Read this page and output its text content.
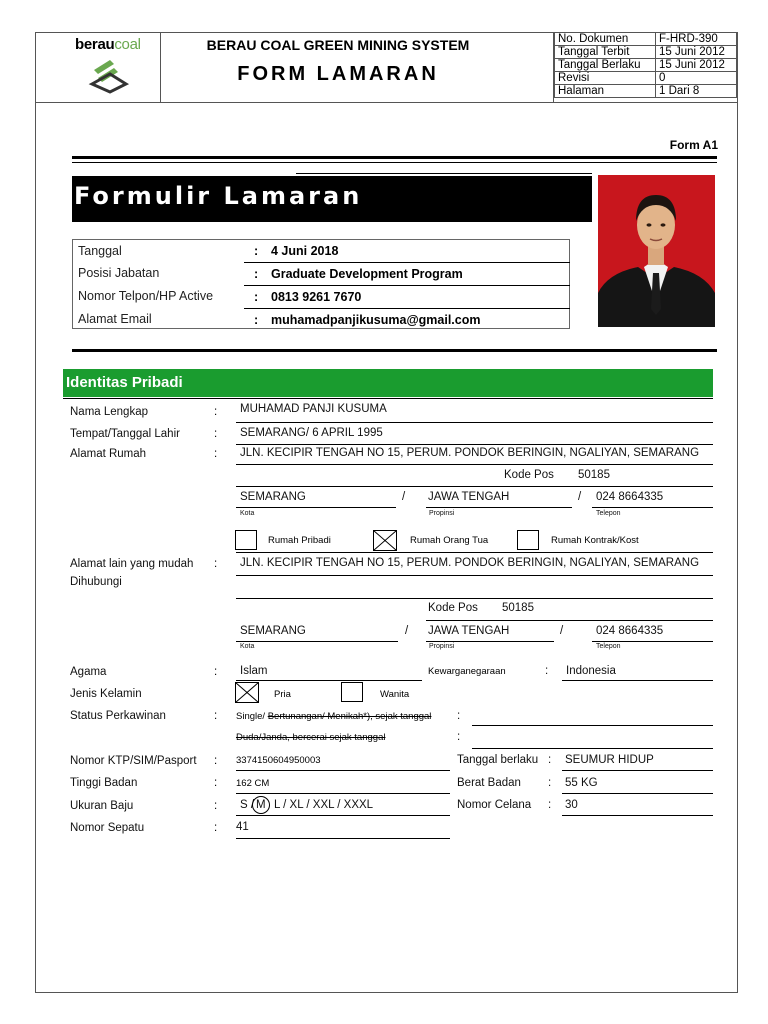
beraucoal	BERAU COAL GREEN MINING SYSTEM
FORM LAMARAN
No. Dokumen	F-HRD-390
Tanggal Terbit	15 Juni 2012
Tanggal Berlaku	15 Juni 2012
Revisi	0
Halaman	1 Dari 8
Form A1
Formulir Lamaran
Tanggal	: 4 Juni 2018
Posisi Jabatan	: Graduate Development Program
Nomor Telpon/HP Active	: 0813 9261 7670
Alamat Email	: muhamadpanjikusuma@gmail.com
Identitas Pribadi
Nama Lengkap	: MUHAMAD PANJI KUSUMA
Tempat/Tanggal Lahir	: SEMARANG/ 6 APRIL 1995
Alamat Rumah	: JLN. KECIPIR TENGAH NO 15, PERUM. PONDOK BERINGIN, NGALIYAN, SEMARANG
Kode Pos 50185
SEMARANG	/ JAWA TENGAH	/ 024 8664335
Kota	Propinsi	Telepon
Rumah Pribadi	Rumah Orang Tua	Rumah Kontrak/Kost
Alamat lain yang mudah
Dihubungi
: JLN. KECIPIR TENGAH NO 15, PERUM. PONDOK BERINGIN, NGALIYAN, SEMARANG
Kode Pos 50185
SEMARANG	/ JAWA TENGAH	/	024 8664335
Kota	Propinsi	Telepon
Agama	: Islam	Kewarganegaraan	: Indonesia
Jenis Kelamin	Pria	Wanita
Status Perkawinan	: Single/ Bertunangan/ Menikah*), sejak tanggal :
Duda/Janda, bercerai sejak tanggal	:
Nomor KTP/SIM/Pasport : 3374150604950003	Tanggal berlaku : SEUMUR HIDUP
Tinggi Badan	: 162 CM	Berat Badan : 55 KG
Ukuran Baju	: S / M L / XL / XXL / XXXL	Nomor Celana : 30
Nomor Sepatu	: 41
